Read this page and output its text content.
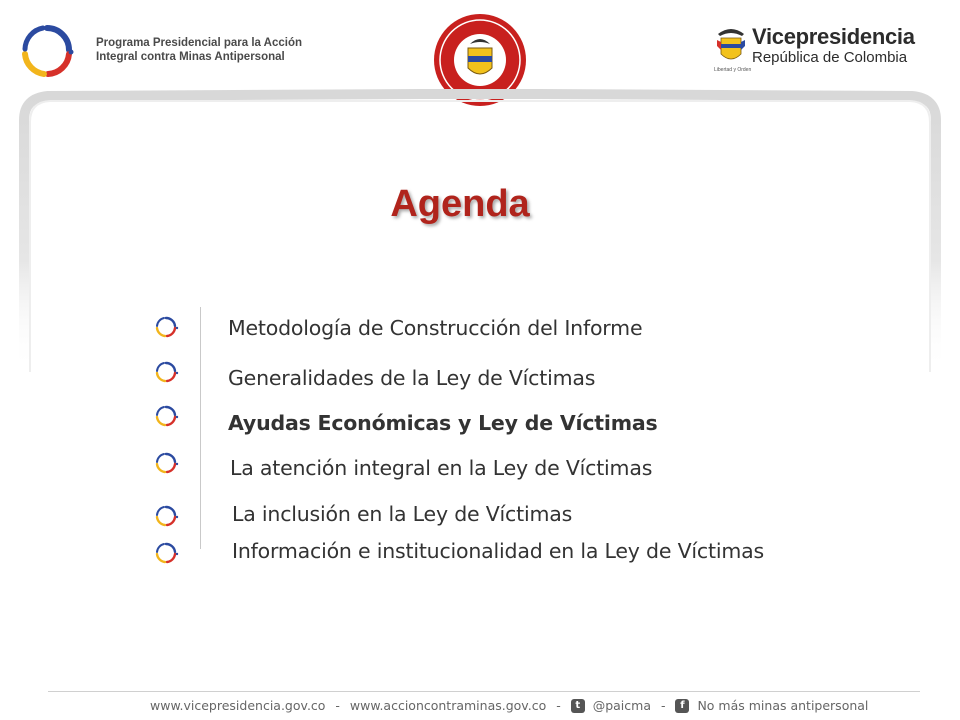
Programa Presidencial para la Acción
Integral contra Minas Antipersonal
Libertad y Orden
Vicepresidencia
República de Colombia
Agenda
Metodología de Construcción del Informe
Generalidades de la Ley de Víctimas
Ayudas Económicas y Ley de Víctimas
La atención integral en la Ley de Víctimas
La inclusión en la Ley de Víctimas
Información e institucionalidad en la Ley de Víctimas
www.vicepresidencia.gov.co - www.accioncontraminas.gov.co - t @paicma - f No más minas antipersonal
